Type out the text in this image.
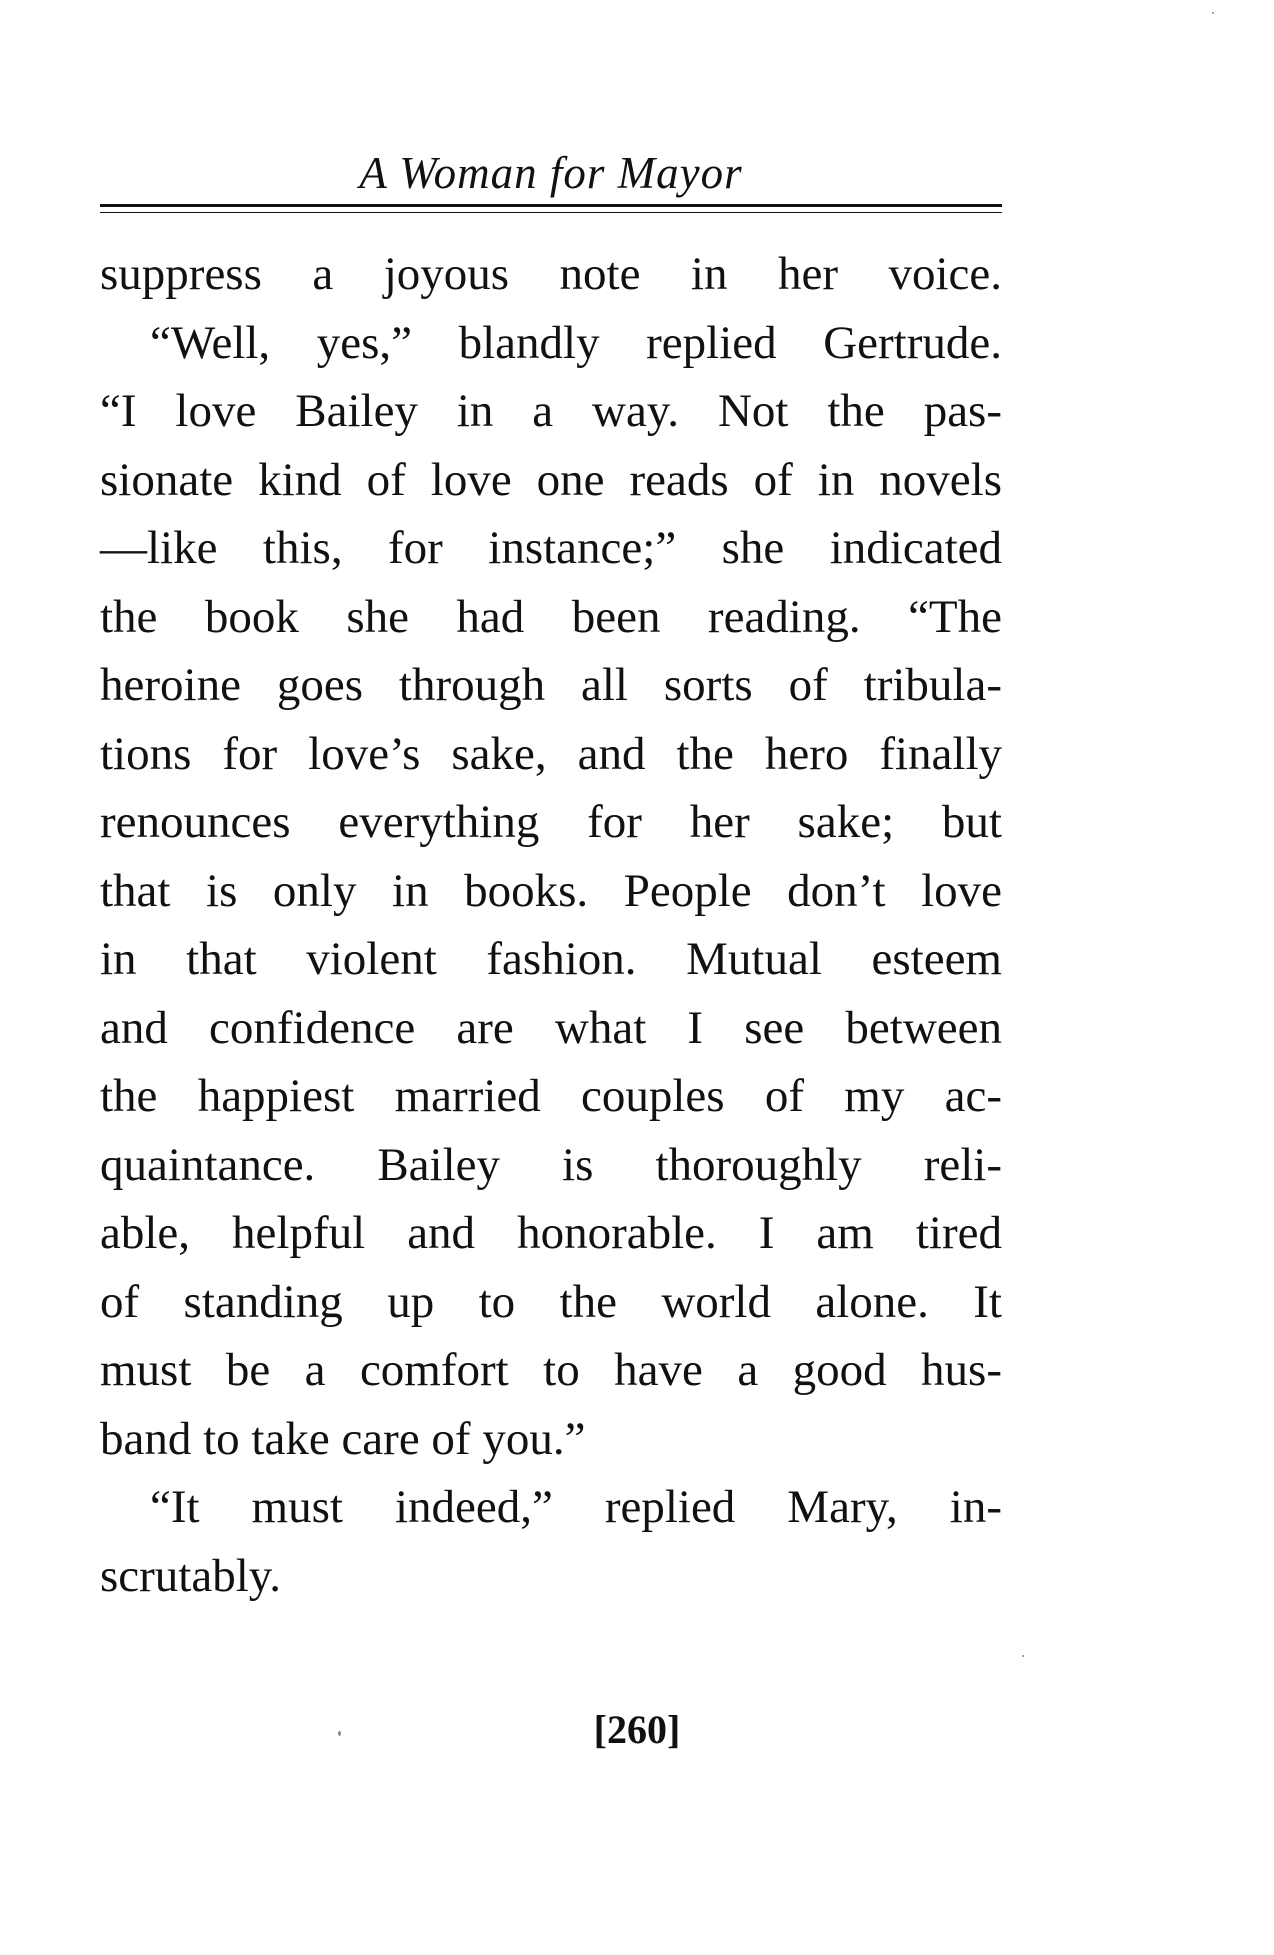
A Woman for Mayor
suppress a joyous note in her voice.
“Well, yes,” blandly replied Gertrude.
“I love Bailey in a way. Not the pas-
sionate kind of love one reads of in novels
—like this, for instance;” she indicated
the book she had been reading. “The
heroine goes through all sorts of tribula-
tions for love’s sake, and the hero finally
renounces everything for her sake; but
that is only in books. People don’t love
in that violent fashion. Mutual esteem
and confidence are what I see between
the happiest married couples of my ac-
quaintance. Bailey is thoroughly reli-
able, helpful and honorable. I am tired
of standing up to the world alone. It
must be a comfort to have a good hus-
band to take care of you.”
“It must indeed,” replied Mary, in-
scrutably.
[260]
